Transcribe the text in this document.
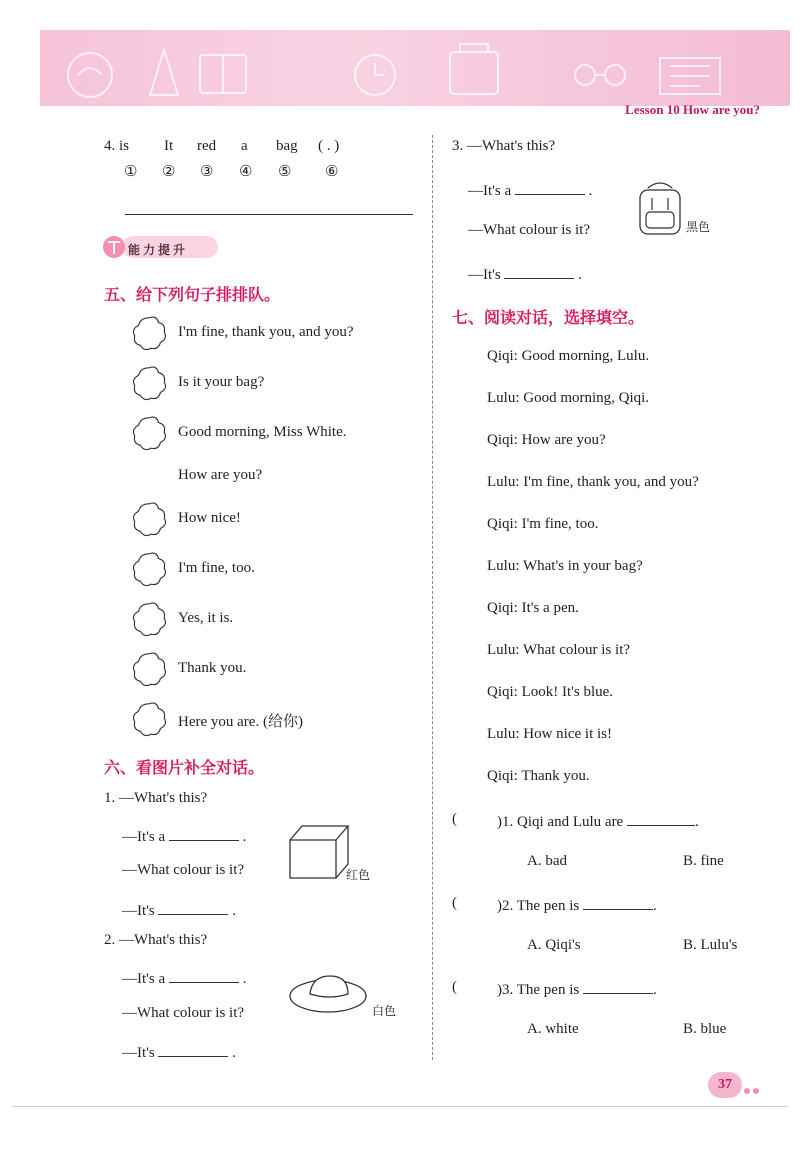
Lesson 10 How are you?
4. is It red a bag ( . )
① ② ③ ④ ⑤ ⑥
能力提升
五、给下列句子排排队。
I'm fine, thank you, and you?
Is it your bag?
Good morning, Miss White.
How are you?
How nice!
I'm fine, too.
Yes, it is.
Thank you.
Here you are. (给你)
六、看图片补全对话。
1. —What's this?
—It's a	.
—What colour is it?
—It's	.
红色
2. —What's this?
—It's a	.
—What colour is it?
—It's	.
白色
3. —What's this?
—It's a	.
—What colour is it?
—It's	.
黑色
七、阅读对话，选择填空。
Qiqi: Good morning, Lulu.
Lulu: Good morning, Qiqi.
Qiqi: How are you?
Lulu: I'm fine, thank you, and you?
Qiqi: I'm fine, too.
Lulu: What's in your bag?
Qiqi: It's a pen.
Lulu: What colour is it?
Qiqi: Look! It's blue.
Lulu: How nice it is!
Qiqi: Thank you.
(	)1. Qiqi and Lulu are	.
A. bad	B. fine
(	)2. The pen is	.
A. Qiqi's	B. Lulu's
(	)3. The pen is	.
A. white	B. blue
37
